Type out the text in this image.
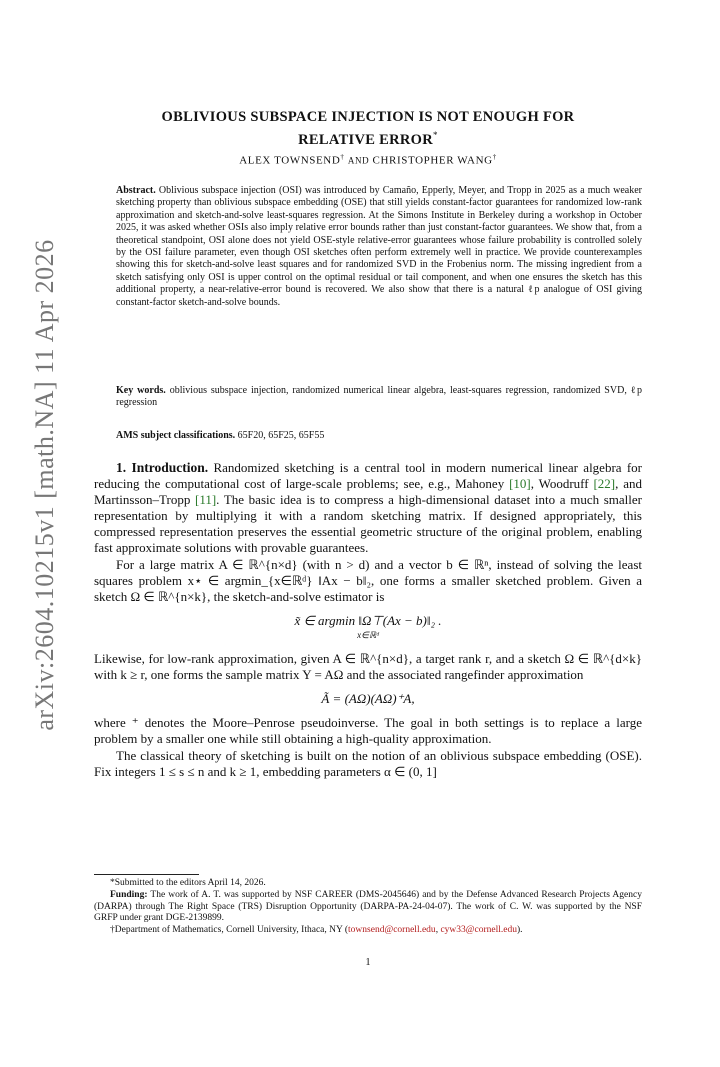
arXiv:2604.10215v1 [math.NA] 11 Apr 2026
OBLIVIOUS SUBSPACE INJECTION IS NOT ENOUGH FOR
RELATIVE ERROR*
ALEX TOWNSEND† AND CHRISTOPHER WANG†
Abstract. Oblivious subspace injection (OSI) was introduced by Camaño, Epperly, Meyer, and Tropp in 2025 as a much weaker sketching property than oblivious subspace embedding (OSE) that still yields constant-factor guarantees for randomized low-rank approximation and sketch-and-solve least-squares regression. At the Simons Institute in Berkeley during a workshop in October 2025, it was asked whether OSIs also imply relative error bounds rather than just constant-factor guarantees. We show that, from a theoretical standpoint, OSI alone does not yield OSE-style relative-error guarantees whose failure probability is controlled solely by the OSI failure parameter, even though OSI sketches often perform extremely well in practice. We provide counterexamples showing this for sketch-and-solve least squares and for randomized SVD in the Frobenius norm. The missing ingredient from a sketch satisfying only OSI is upper control on the optimal residual or tail component, and when one ensures the sketch has this additional property, a near-relative-error bound is recovered. We also show that there is a natural ℓp analogue of OSI giving constant-factor sketch-and-solve bounds.
Key words. oblivious subspace injection, randomized numerical linear algebra, least-squares regression, randomized SVD, ℓp regression
AMS subject classifications. 65F20, 65F25, 65F55

1. Introduction. Randomized sketching is a central tool in modern numerical linear algebra for reducing the computational cost of large-scale problems; see, e.g., Mahoney [10], Woodruff [22], and Martinsson–Tropp [11]. The basic idea is to compress a high-dimensional dataset into a much smaller representation by multiplying it with a random sketching matrix. If designed appropriately, this compressed representation preserves the essential geometric structure of the original problem, enabling fast approximate solutions with provable guarantees.

For a large matrix A ∈ ℝ^{n×d} (with n > d) and a vector b ∈ ℝⁿ, instead of solving the least squares problem x⋆ ∈ argmin_{x∈ℝᵈ} ‖Ax − b‖₂, one forms a smaller sketched problem. Given a sketch Ω ∈ ℝ^{n×k}, the sketch-and-solve estimator is

x̃ ∈ argmin ‖Ω⊤(Ax − b)‖₂ .
x∈ℝᵈ

Likewise, for low-rank approximation, given A ∈ ℝ^{n×d}, a target rank r, and a sketch Ω ∈ ℝ^{d×k} with k ≥ r, one forms the sample matrix Y = AΩ and the associated rangefinder approximation

Ã = (AΩ)(AΩ)⁺A,

where ⁺ denotes the Moore–Penrose pseudoinverse. The goal in both settings is to replace a large problem by a smaller one while still obtaining a high-quality approximation.

The classical theory of sketching is built on the notion of an oblivious subspace embedding (OSE). Fix integers 1 ≤ s ≤ n and k ≥ 1, embedding parameters α ∈ (0, 1]

*Submitted to the editors April 14, 2026.

Funding: The work of A. T. was supported by NSF CAREER (DMS-2045646) and by the Defense Advanced Research Projects Agency (DARPA) through The Right Space (TRS) Disruption Opportunity (DARPA-PA-24-04-07). The work of C. W. was supported by the NSF GRFP under grant DGE-2139899.

†Department of Mathematics, Cornell University, Ithaca, NY (townsend@cornell.edu, cyw33@cornell.edu).

1
